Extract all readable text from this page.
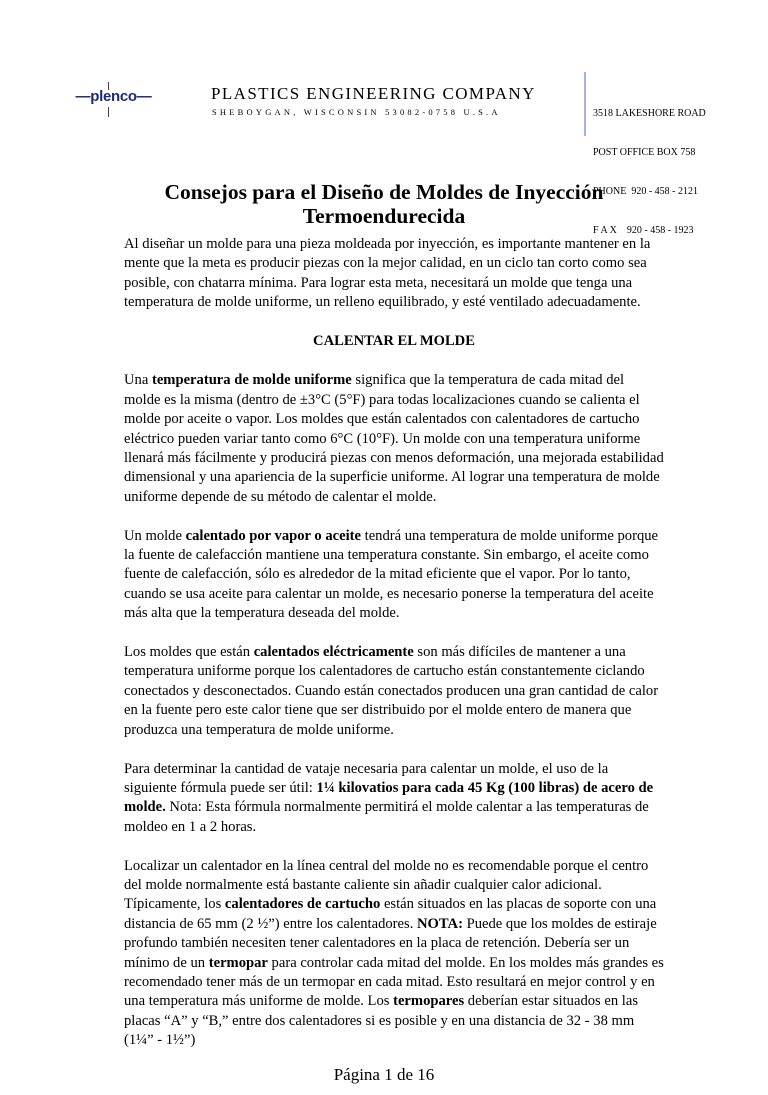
—plenco—	PLASTICS ENGINEERING COMPANY
SHEBOYGAN, WISCONSIN 53082-0758 U.S.A

	3518 LAKESHORE ROAD

POST OFFICE BOX 758

PHONE  920 - 458 - 2121

F A X    920 - 458 - 1923

Consejos para el Diseño de Moldes de Inyección Termoendurecida

Al diseñar un molde para una pieza moldeada por inyección, es importante mantener en la mente que la meta es producir piezas con la mejor calidad, en un ciclo tan corto como sea posible, con chatarra mínima. Para lograr esta meta, necesitará un molde que tenga una temperatura de molde uniforme, un relleno equilibrado, y esté ventilado adecuadamente.

CALENTAR EL MOLDE

Una temperatura de molde uniforme significa que la temperatura de cada mitad del molde es la misma (dentro de ±3°C (5°F) para todas localizaciones cuando se calienta el molde por aceite o vapor. Los moldes que están calentados con calentadores de cartucho eléctrico pueden variar tanto como 6°C (10°F). Un molde con una temperatura uniforme llenará más fácilmente y producirá piezas con menos deformación, una mejorada estabilidad dimensional y una apariencia de la superficie uniforme. Al lograr una temperatura de molde uniforme depende de su método de calentar el molde.

Un molde calentado por vapor o aceite tendrá una temperatura de molde uniforme porque la fuente de calefacción mantiene una temperatura constante. Sin embargo, el aceite como fuente de calefacción, sólo es alrededor de la mitad eficiente que el vapor. Por lo tanto, cuando se usa aceite para calentar un molde, es necesario ponerse la temperatura del aceite más alta que la temperatura deseada del molde.

Los moldes que están calentados eléctricamente son más difíciles de mantener a una temperatura uniforme porque los calentadores de cartucho están constantemente ciclando conectados y desconectados. Cuando están conectados producen una gran cantidad de calor en la fuente pero este calor tiene que ser distribuido por el molde entero de manera que produzca una temperatura de molde uniforme.

Para determinar la cantidad de vataje necesaria para calentar un molde, el uso de la siguiente fórmula puede ser útil: 1¼ kilovatios para cada 45 Kg (100 libras) de acero de molde. Nota: Esta fórmula normalmente permitirá el molde calentar a las temperaturas de moldeo en 1 a 2 horas.

Localizar un calentador en la línea central del molde no es recomendable porque el centro del molde normalmente está bastante caliente sin añadir cualquier calor adicional. Típicamente, los calentadores de cartucho están situados en las placas de soporte con una distancia de 65 mm (2 ½”) entre los calentadores. NOTA: Puede que los moldes de estiraje profundo también necesiten tener calentadores en la placa de retención. Debería ser un mínimo de un termopar para controlar cada mitad del molde. En los moldes más grandes es recomendado tener más de un termopar en cada mitad. Esto resultará en mejor control y en una temperatura más uniforme de molde. Los termopares deberían estar situados en las placas “A” y “B,” entre dos calentadores si es posible y en una distancia de 32 - 38 mm (1¼” - 1½”)

Página 1 de 16
